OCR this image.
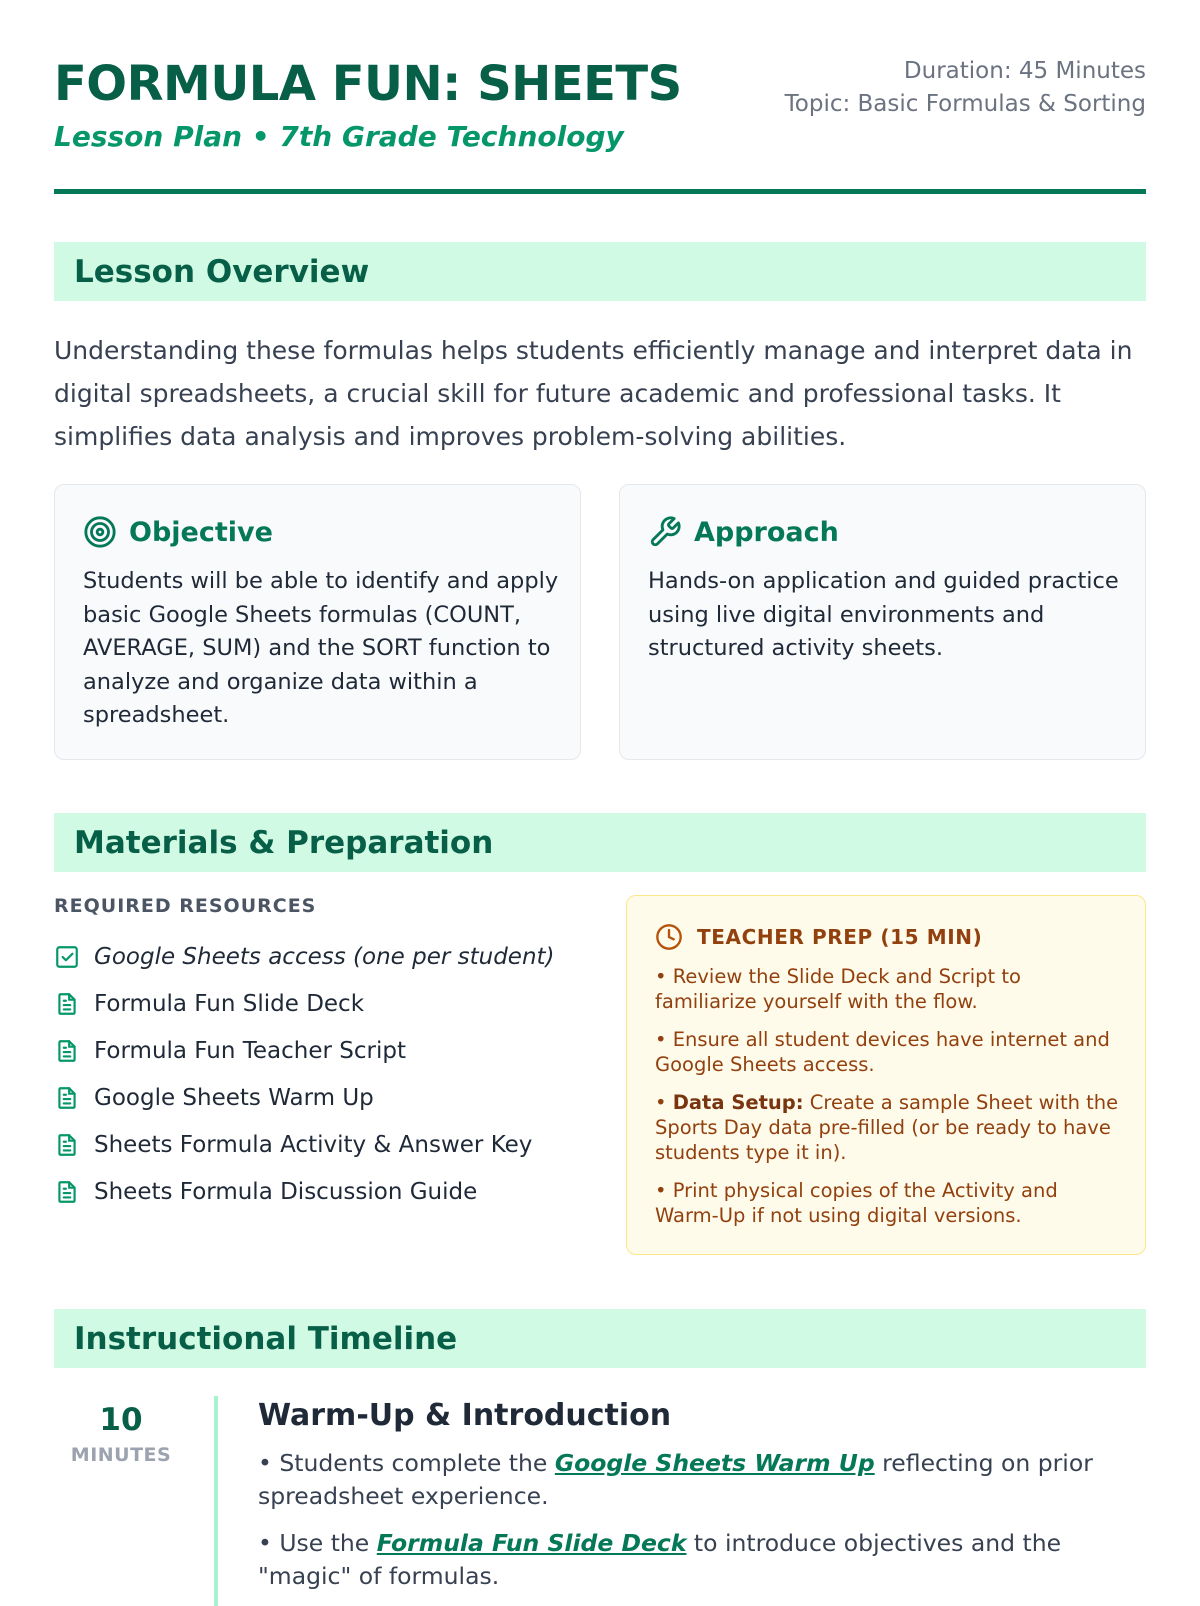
FORMULA FUN: SHEETS
Lesson Plan • 7th Grade Technology
Duration: 45 Minutes
Topic: Basic Formulas & Sorting
Lesson Overview
Understanding these formulas helps students efficiently manage and interpret data in digital spreadsheets, a crucial skill for future academic and professional tasks. It simplifies data analysis and improves problem-solving abilities.
Objective
Students will be able to identify and apply basic Google Sheets formulas (COUNT, AVERAGE, SUM) and the SORT function to analyze and organize data within a spreadsheet.
Approach
Hands-on application and guided practice using live digital environments and structured activity sheets.
Materials & Preparation
REQUIRED RESOURCES
Google Sheets access (one per student)
Formula Fun Slide Deck
Formula Fun Teacher Script
Google Sheets Warm Up
Sheets Formula Activity & Answer Key
Sheets Formula Discussion Guide
TEACHER PREP (15 MIN)
• Review the Slide Deck and Script to familiarize yourself with the flow.
• Ensure all student devices have internet and Google Sheets access.
• Data Setup: Create a sample Sheet with the Sports Day data pre-filled (or be ready to have students type it in).
• Print physical copies of the Activity and Warm-Up if not using digital versions.
Instructional Timeline
10
MINUTES
Warm-Up & Introduction
• Students complete the Google Sheets Warm Up reflecting on prior spreadsheet experience.
• Use the Formula Fun Slide Deck to introduce objectives and the "magic" of formulas.
